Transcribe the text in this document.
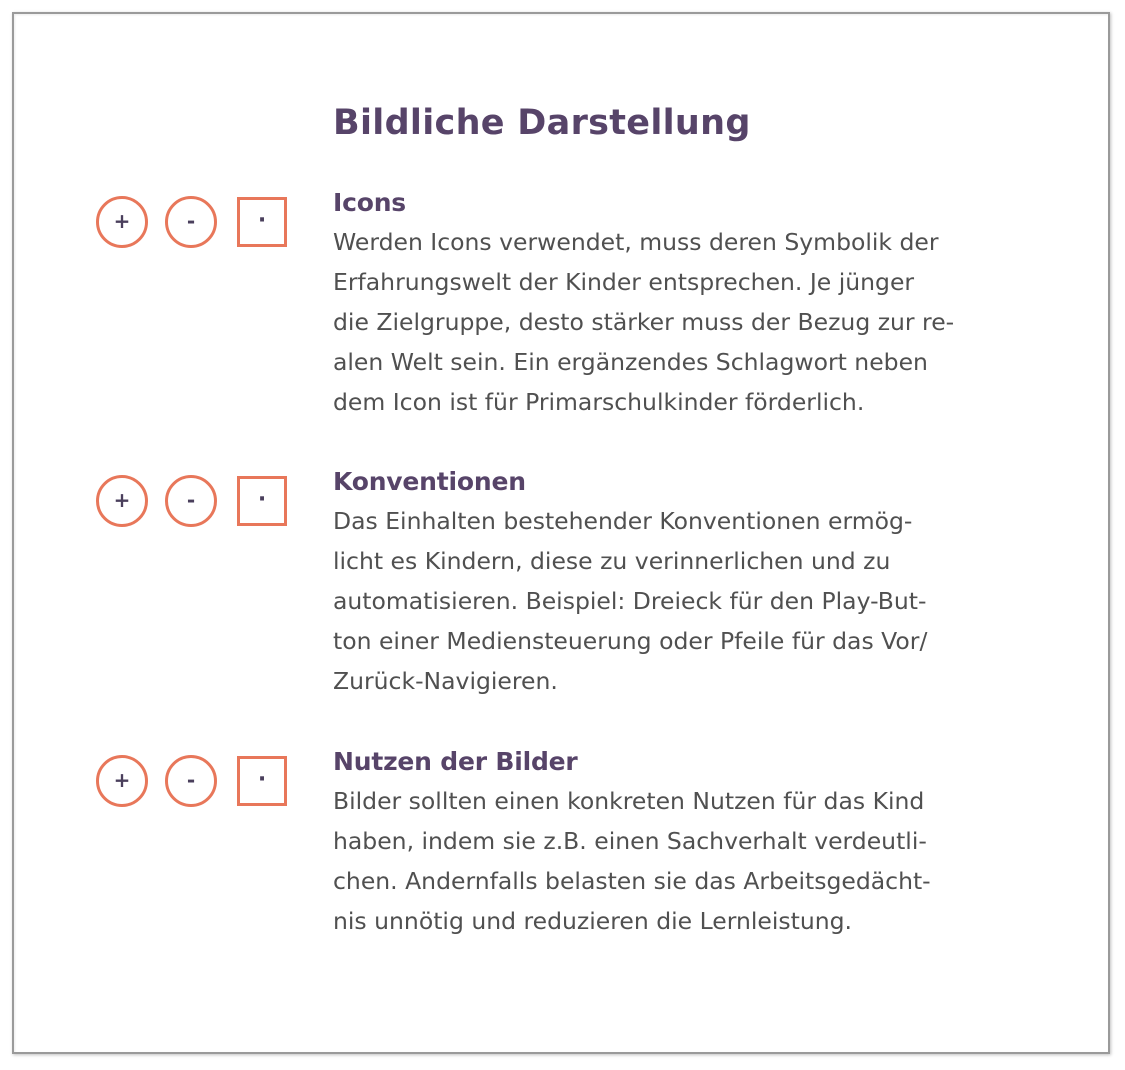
Bildliche Darstellung
+	-	·
Icons

Werden Icons verwendet, muss deren Symbolik der
Erfahrungswelt der Kinder entsprechen. Je jünger
die Zielgruppe, desto stärker muss der Bezug zur re-
alen Welt sein. Ein ergänzendes Schlagwort neben
dem Icon ist für Primarschulkinder förderlich.

+	-	·
Konventionen

Das Einhalten bestehender Konventionen ermög-
licht es Kindern, diese zu verinnerlichen und zu
automatisieren. Beispiel: Dreieck für den Play-But-
ton einer Mediensteuerung oder Pfeile für das Vor/
Zurück-Navigieren.

+	-	·
Nutzen der Bilder

Bilder sollten einen konkreten Nutzen für das Kind
haben, indem sie z.B. einen Sachverhalt verdeutli-
chen. Andernfalls belasten sie das Arbeitsgedächt-
nis unnötig und reduzieren die Lernleistung.
